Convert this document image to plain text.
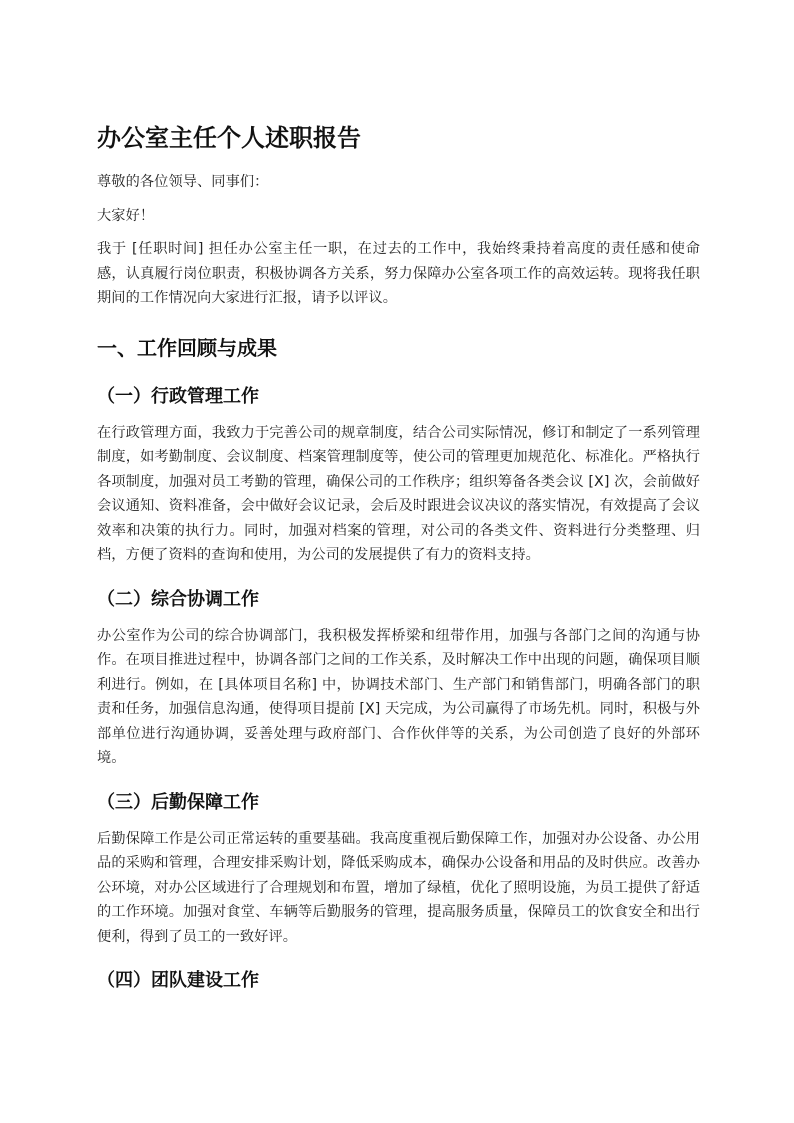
办公室主任个人述职报告

尊敬的各位领导、同事们：

大家好！

我于 [任职时间] 担任办公室主任一职，在过去的工作中，我始终秉持着高度的责任感和使命感，认真履行岗位职责，积极协调各方关系，努力保障办公室各项工作的高效运转。现将我任职期间的工作情况向大家进行汇报，请予以评议。

一、工作回顾与成果
（一）行政管理工作

在行政管理方面，我致力于完善公司的规章制度，结合公司实际情况，修订和制定了一系列管理制度，如考勤制度、会议制度、档案管理制度等，使公司的管理更加规范化、标准化。严格执行各项制度，加强对员工考勤的管理，确保公司的工作秩序；组织筹备各类会议 [X] 次，会前做好会议通知、资料准备，会中做好会议记录，会后及时跟进会议决议的落实情况，有效提高了会议效率和决策的执行力。同时，加强对档案的管理，对公司的各类文件、资料进行分类整理、归档，方便了资料的查询和使用，为公司的发展提供了有力的资料支持。

（二）综合协调工作

办公室作为公司的综合协调部门，我积极发挥桥梁和纽带作用，加强与各部门之间的沟通与协作。在项目推进过程中，协调各部门之间的工作关系，及时解决工作中出现的问题，确保项目顺利进行。例如，在 [具体项目名称] 中，协调技术部门、生产部门和销售部门，明确各部门的职责和任务，加强信息沟通，使得项目提前 [X] 天完成，为公司赢得了市场先机。同时，积极与外部单位进行沟通协调，妥善处理与政府部门、合作伙伴等的关系，为公司创造了良好的外部环境。

（三）后勤保障工作

后勤保障工作是公司正常运转的重要基础。我高度重视后勤保障工作，加强对办公设备、办公用品的采购和管理，合理安排采购计划，降低采购成本，确保办公设备和用品的及时供应。改善办公环境，对办公区域进行了合理规划和布置，增加了绿植，优化了照明设施，为员工提供了舒适的工作环境。加强对食堂、车辆等后勤服务的管理，提高服务质量，保障员工的饮食安全和出行便利，得到了员工的一致好评。

（四）团队建设工作
